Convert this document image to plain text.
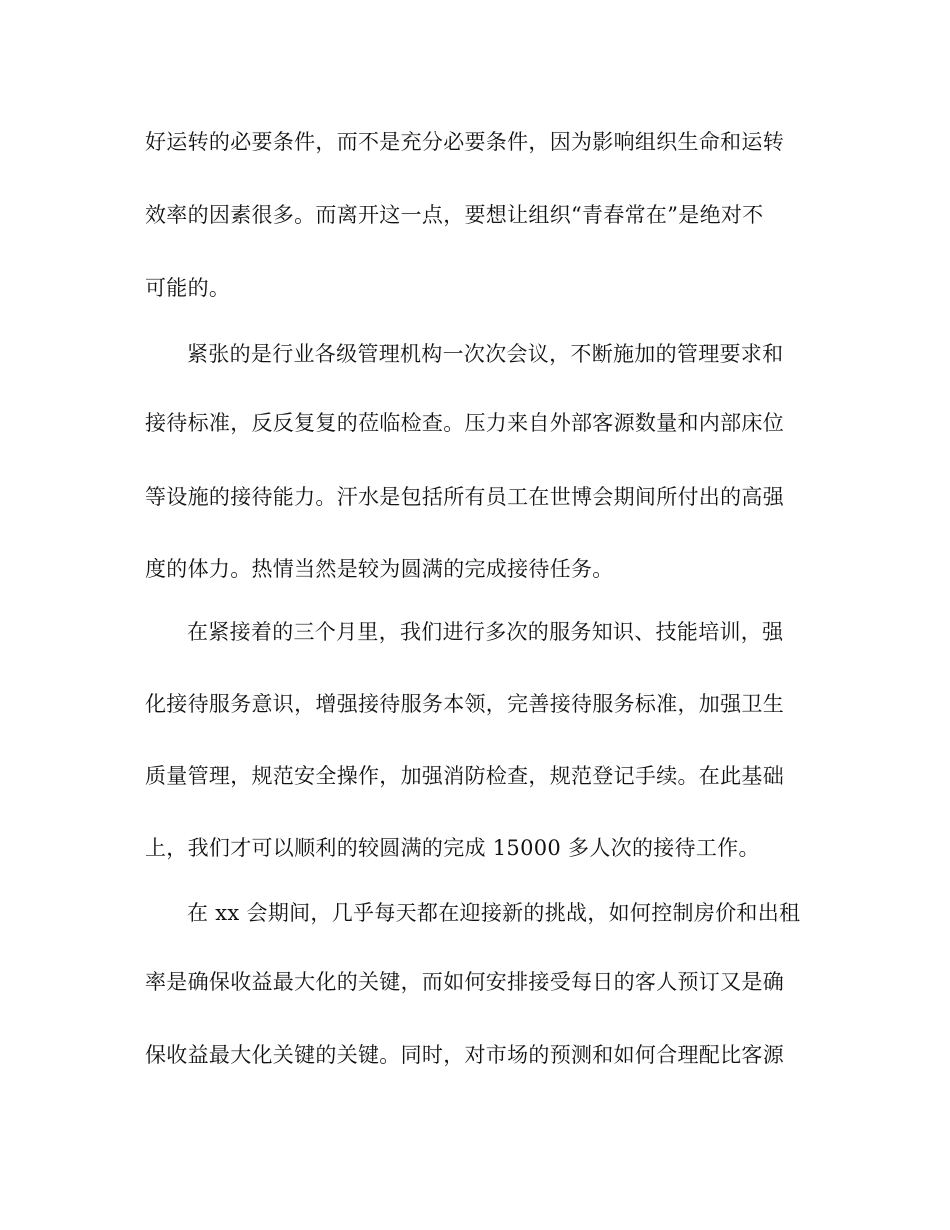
好运转的必要条件，而不是充分必要条件，因为影响组织生命和运转
效率的因素很多。而离开这一点，要想让组织“青春常在”是绝对不
可能的。
紧张的是行业各级管理机构一次次会议，不断施加的管理要求和
接待标准，反反复复的莅临检查。压力来自外部客源数量和内部床位
等设施的接待能力。汗水是包括所有员工在世博会期间所付出的高强
度的体力。热情当然是较为圆满的完成接待任务。
在紧接着的三个月里，我们进行多次的服务知识、技能培训，强
化接待服务意识，增强接待服务本领，完善接待服务标准，加强卫生
质量管理，规范安全操作，加强消防检查，规范登记手续。在此基础
上，我们才可以顺利的较圆满的完成 15000 多人次的接待工作。
在 xx 会期间，几乎每天都在迎接新的挑战，如何控制房价和出租
率是确保收益最大化的关键，而如何安排接受每日的客人预订又是确
保收益最大化关键的关键。同时，对市场的预测和如何合理配比客源
